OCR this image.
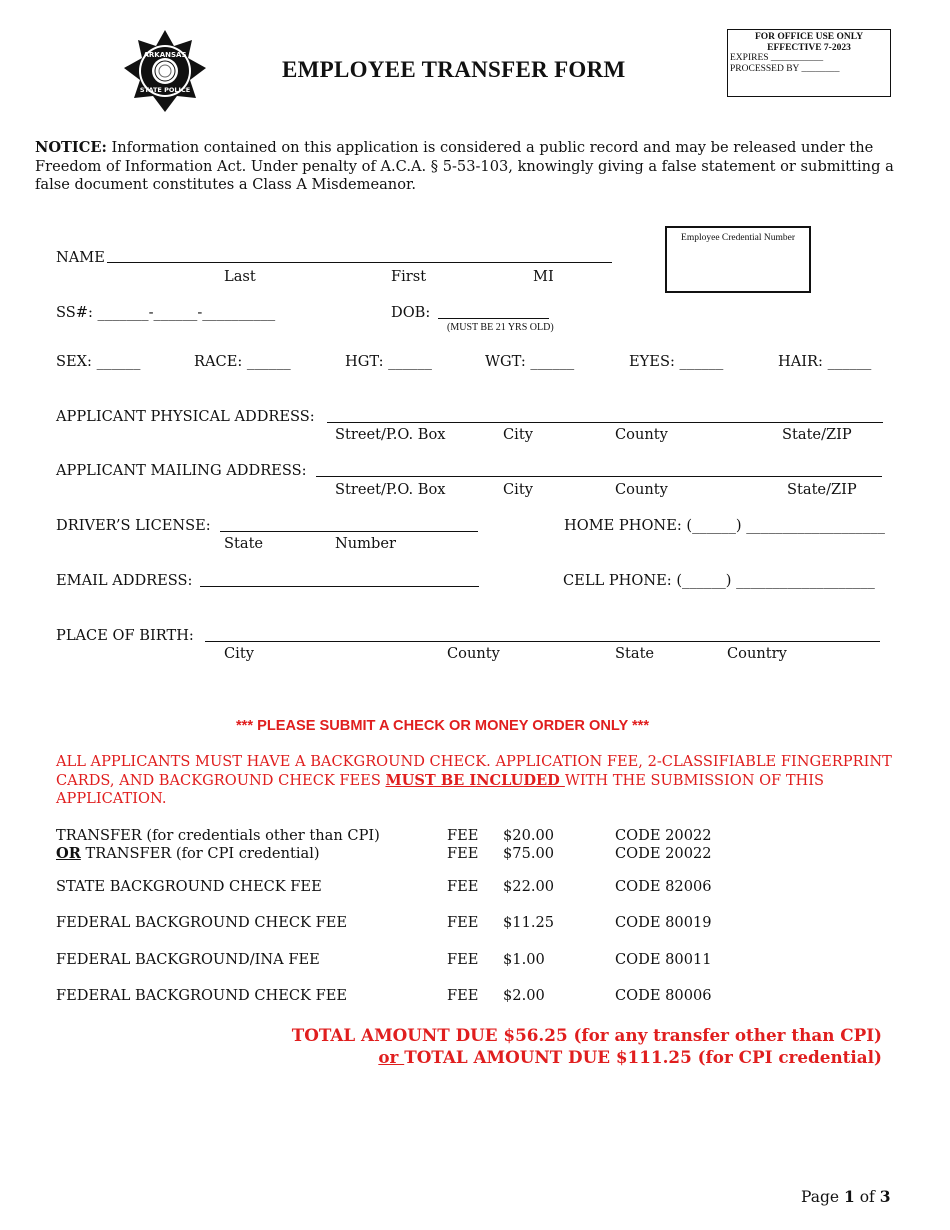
ARKANSAS
STATE POLICE
EMPLOYEE TRANSFER FORM
FOR OFFICE USE ONLY
EFFECTIVE 7-2023
EXPIRES ___________
PROCESSED BY ________
NOTICE: Information contained on this application is considered a public record and may be released under the Freedom of Information Act. Under penalty of A.C.A. § 5-53-103, knowingly giving a false statement or submitting a false document constitutes a Class A Misdemeanor.
Employee Credential Number
NAME
Last	First	MI
SS#: _______-______-__________	DOB:
(MUST BE 21 YRS OLD)
SEX: ______	RACE: ______	HGT: ______	WGT: ______	EYES: ______	HAIR: ______
APPLICANT PHYSICAL ADDRESS:
Street/P.O. Box	City	County	State/ZIP
APPLICANT MAILING ADDRESS:
Street/P.O. Box	City	County	State/ZIP
DRIVER’S LICENSE:
State	Number
HOME PHONE: (______) ___________________
EMAIL ADDRESS:	CELL PHONE: (______) ___________________
PLACE OF BIRTH:
City	County	State	Country
*** PLEASE SUBMIT A CHECK OR MONEY ORDER ONLY ***
ALL APPLICANTS MUST HAVE A BACKGROUND CHECK. APPLICATION FEE, 2-CLASSIFIABLE FINGERPRINT CARDS, AND BACKGROUND CHECK FEES MUST BE INCLUDED WITH THE SUBMISSION OF THIS APPLICATION.
TRANSFER (for credentials other than CPI)	FEE $20.00	CODE 20022
OR TRANSFER (for CPI credential)	FEE $75.00	CODE 20022
STATE BACKGROUND CHECK FEE	FEE $22.00	CODE 82006
FEDERAL BACKGROUND CHECK FEE	FEE $11.25	CODE 80019
FEDERAL BACKGROUND/INA FEE	FEE $1.00	CODE 80011
FEDERAL BACKGROUND CHECK FEE	FEE $2.00	CODE 80006
TOTAL AMOUNT DUE $56.25 (for any transfer other than CPI)
or TOTAL AMOUNT DUE $111.25 (for CPI credential)
Page 1 of 3
